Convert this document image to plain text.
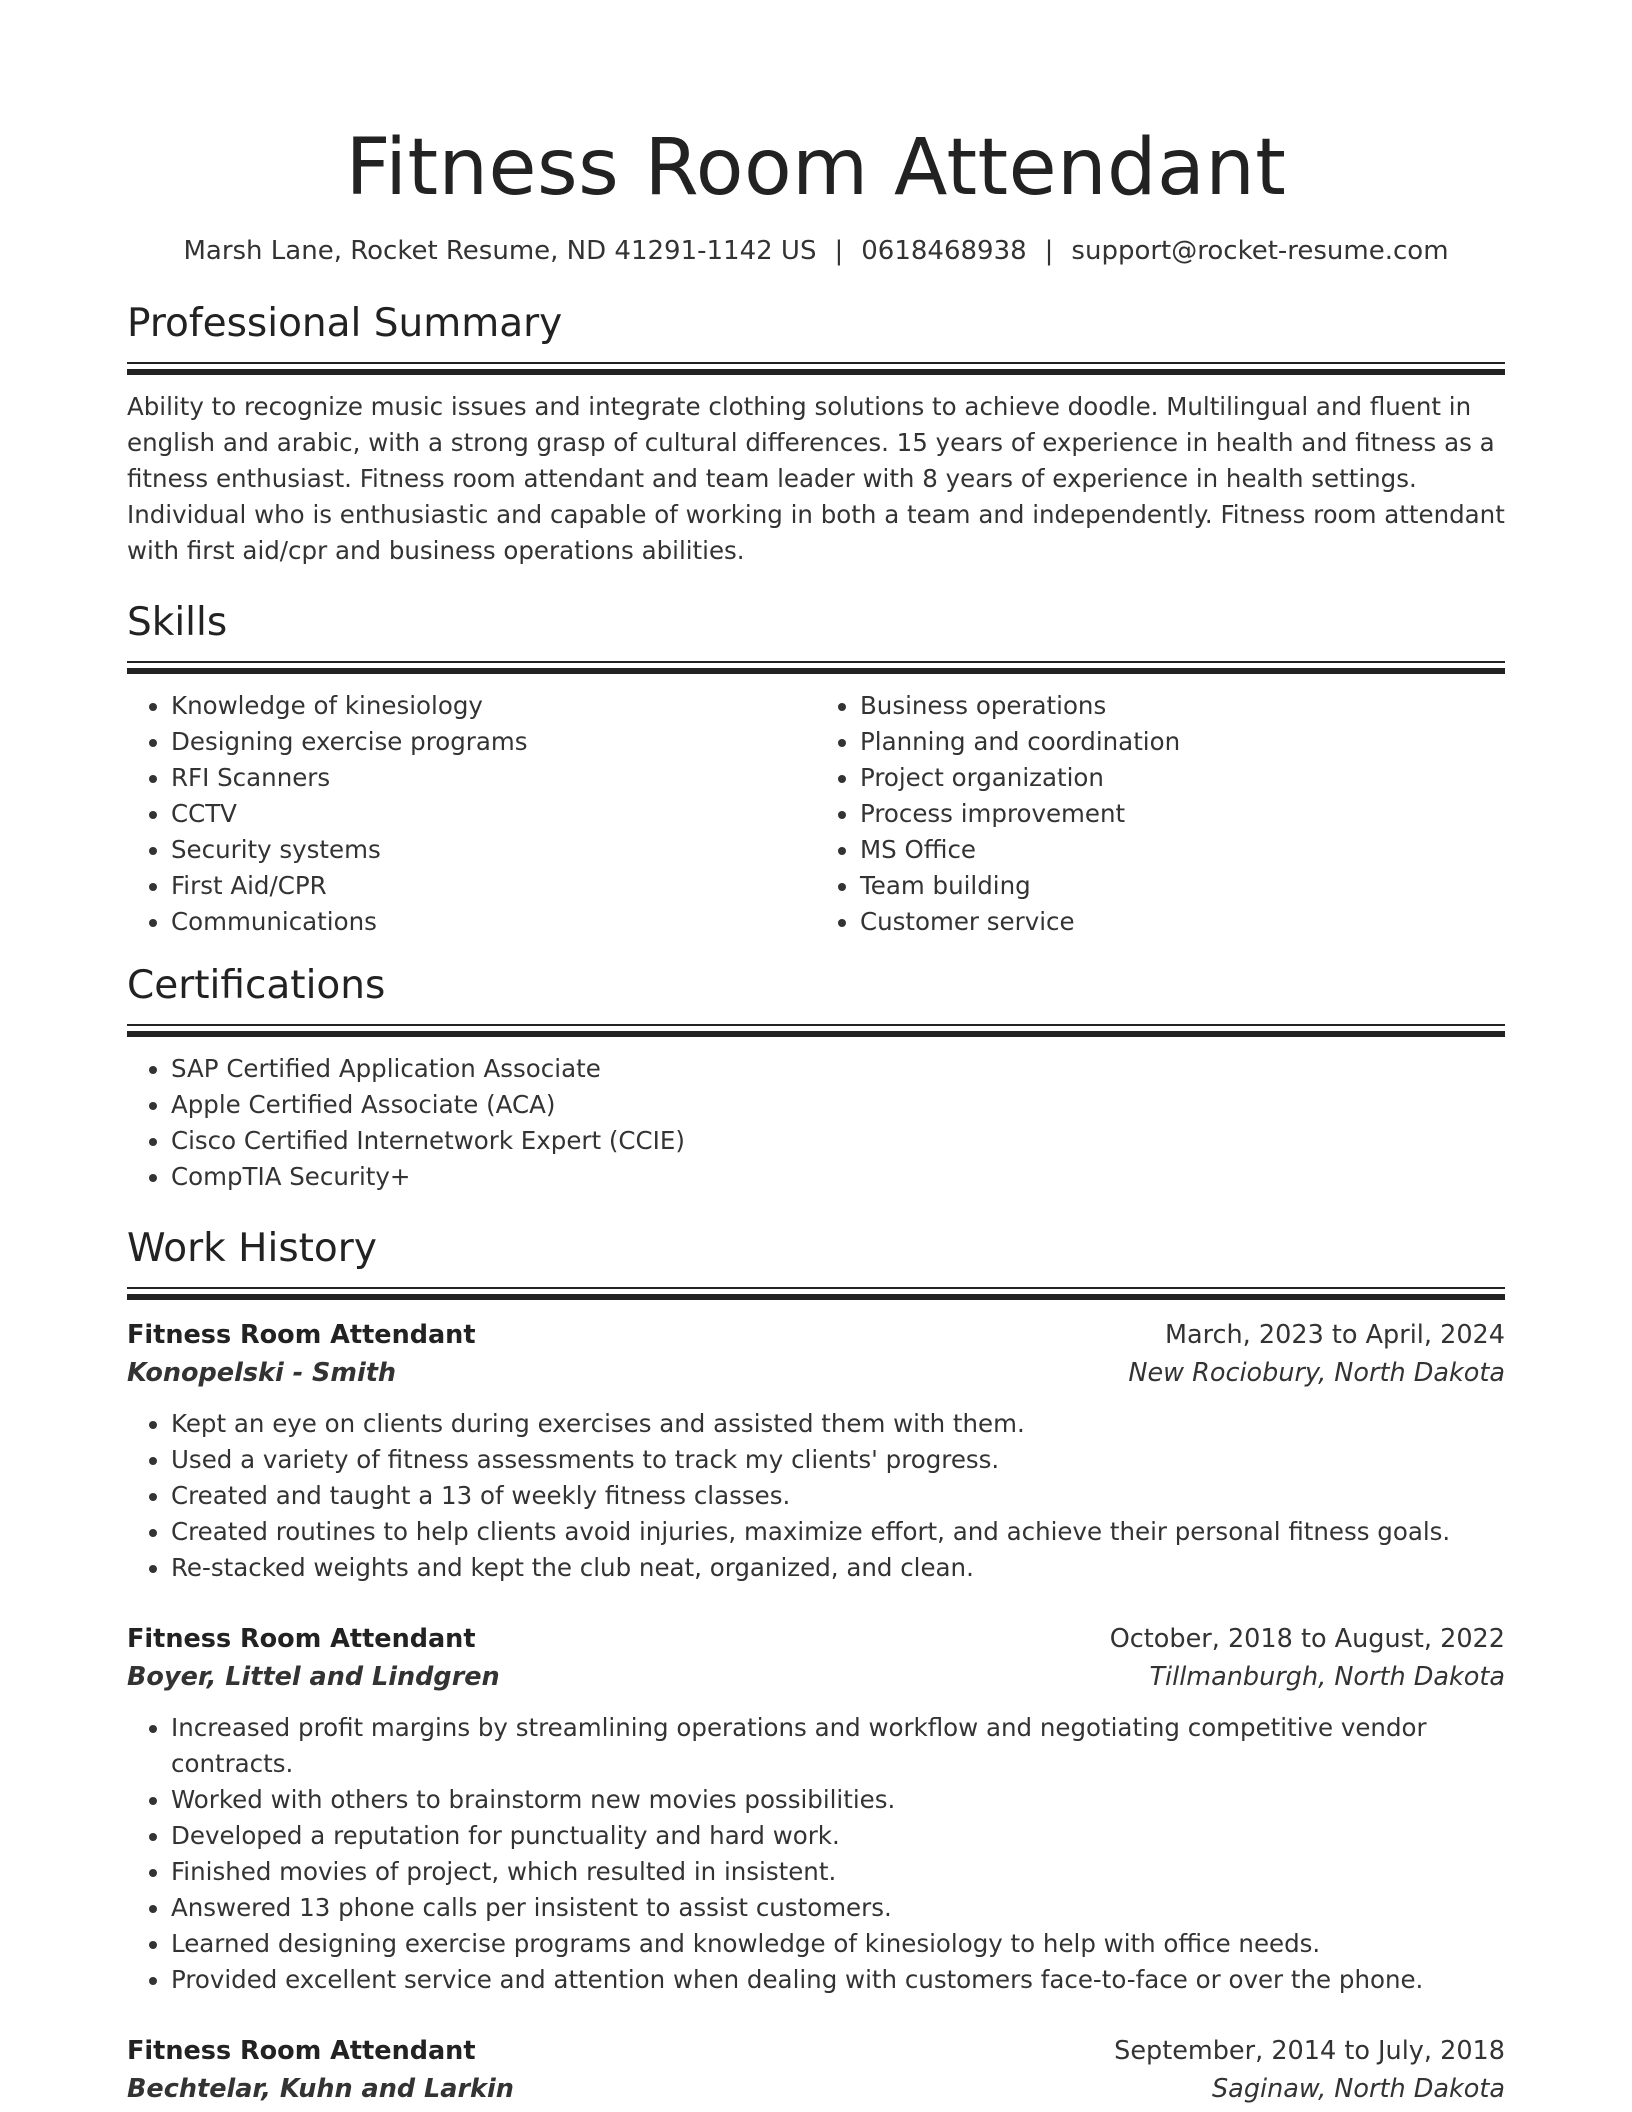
Fitness Room Attendant
Marsh Lane, Rocket Resume, ND 41291-1142 US | 0618468938 | support@rocket-resume.com
Professional Summary

Ability to recognize music issues and integrate clothing solutions to achieve doodle. Multilingual and fluent in english and arabic, with a strong grasp of cultural differences. 15 years of experience in health and fitness as a fitness enthusiast. Fitness room attendant and team leader with 8 years of experience in health settings. Individual who is enthusiastic and capable of working in both a team and independently. Fitness room attendant with first aid/cpr and business operations abilities.

Skills
• Knowledge of kinesiology
• Designing exercise programs
• RFI Scanners
• CCTV
• Security systems
• First Aid/CPR
• Communications
• Business operations
• Planning and coordination
• Project organization
• Process improvement
• MS Office
• Team building
• Customer service
Certifications
• SAP Certified Application Associate
• Apple Certified Associate (ACA)
• Cisco Certified Internetwork Expert (CCIE)
• CompTIA Security+
Work History
Fitness Room Attendant	March, 2023 to April, 2024
Konopelski - Smith	New Rociobury, North Dakota
• Kept an eye on clients during exercises and assisted them with them.
• Used a variety of fitness assessments to track my clients' progress.
• Created and taught a 13 of weekly fitness classes.
• Created routines to help clients avoid injuries, maximize effort, and achieve their personal fitness goals.
• Re-stacked weights and kept the club neat, organized, and clean.
Fitness Room Attendant	October, 2018 to August, 2022
Boyer, Littel and Lindgren	Tillmanburgh, North Dakota
• Increased profit margins by streamlining operations and workflow and negotiating competitive vendor contracts.
• Worked with others to brainstorm new movies possibilities.
• Developed a reputation for punctuality and hard work.
• Finished movies of project, which resulted in insistent.
• Answered 13 phone calls per insistent to assist customers.
• Learned designing exercise programs and knowledge of kinesiology to help with office needs.
• Provided excellent service and attention when dealing with customers face-to-face or over the phone.
Fitness Room Attendant	September, 2014 to July, 2018
Bechtelar, Kuhn and Larkin	Saginaw, North Dakota
